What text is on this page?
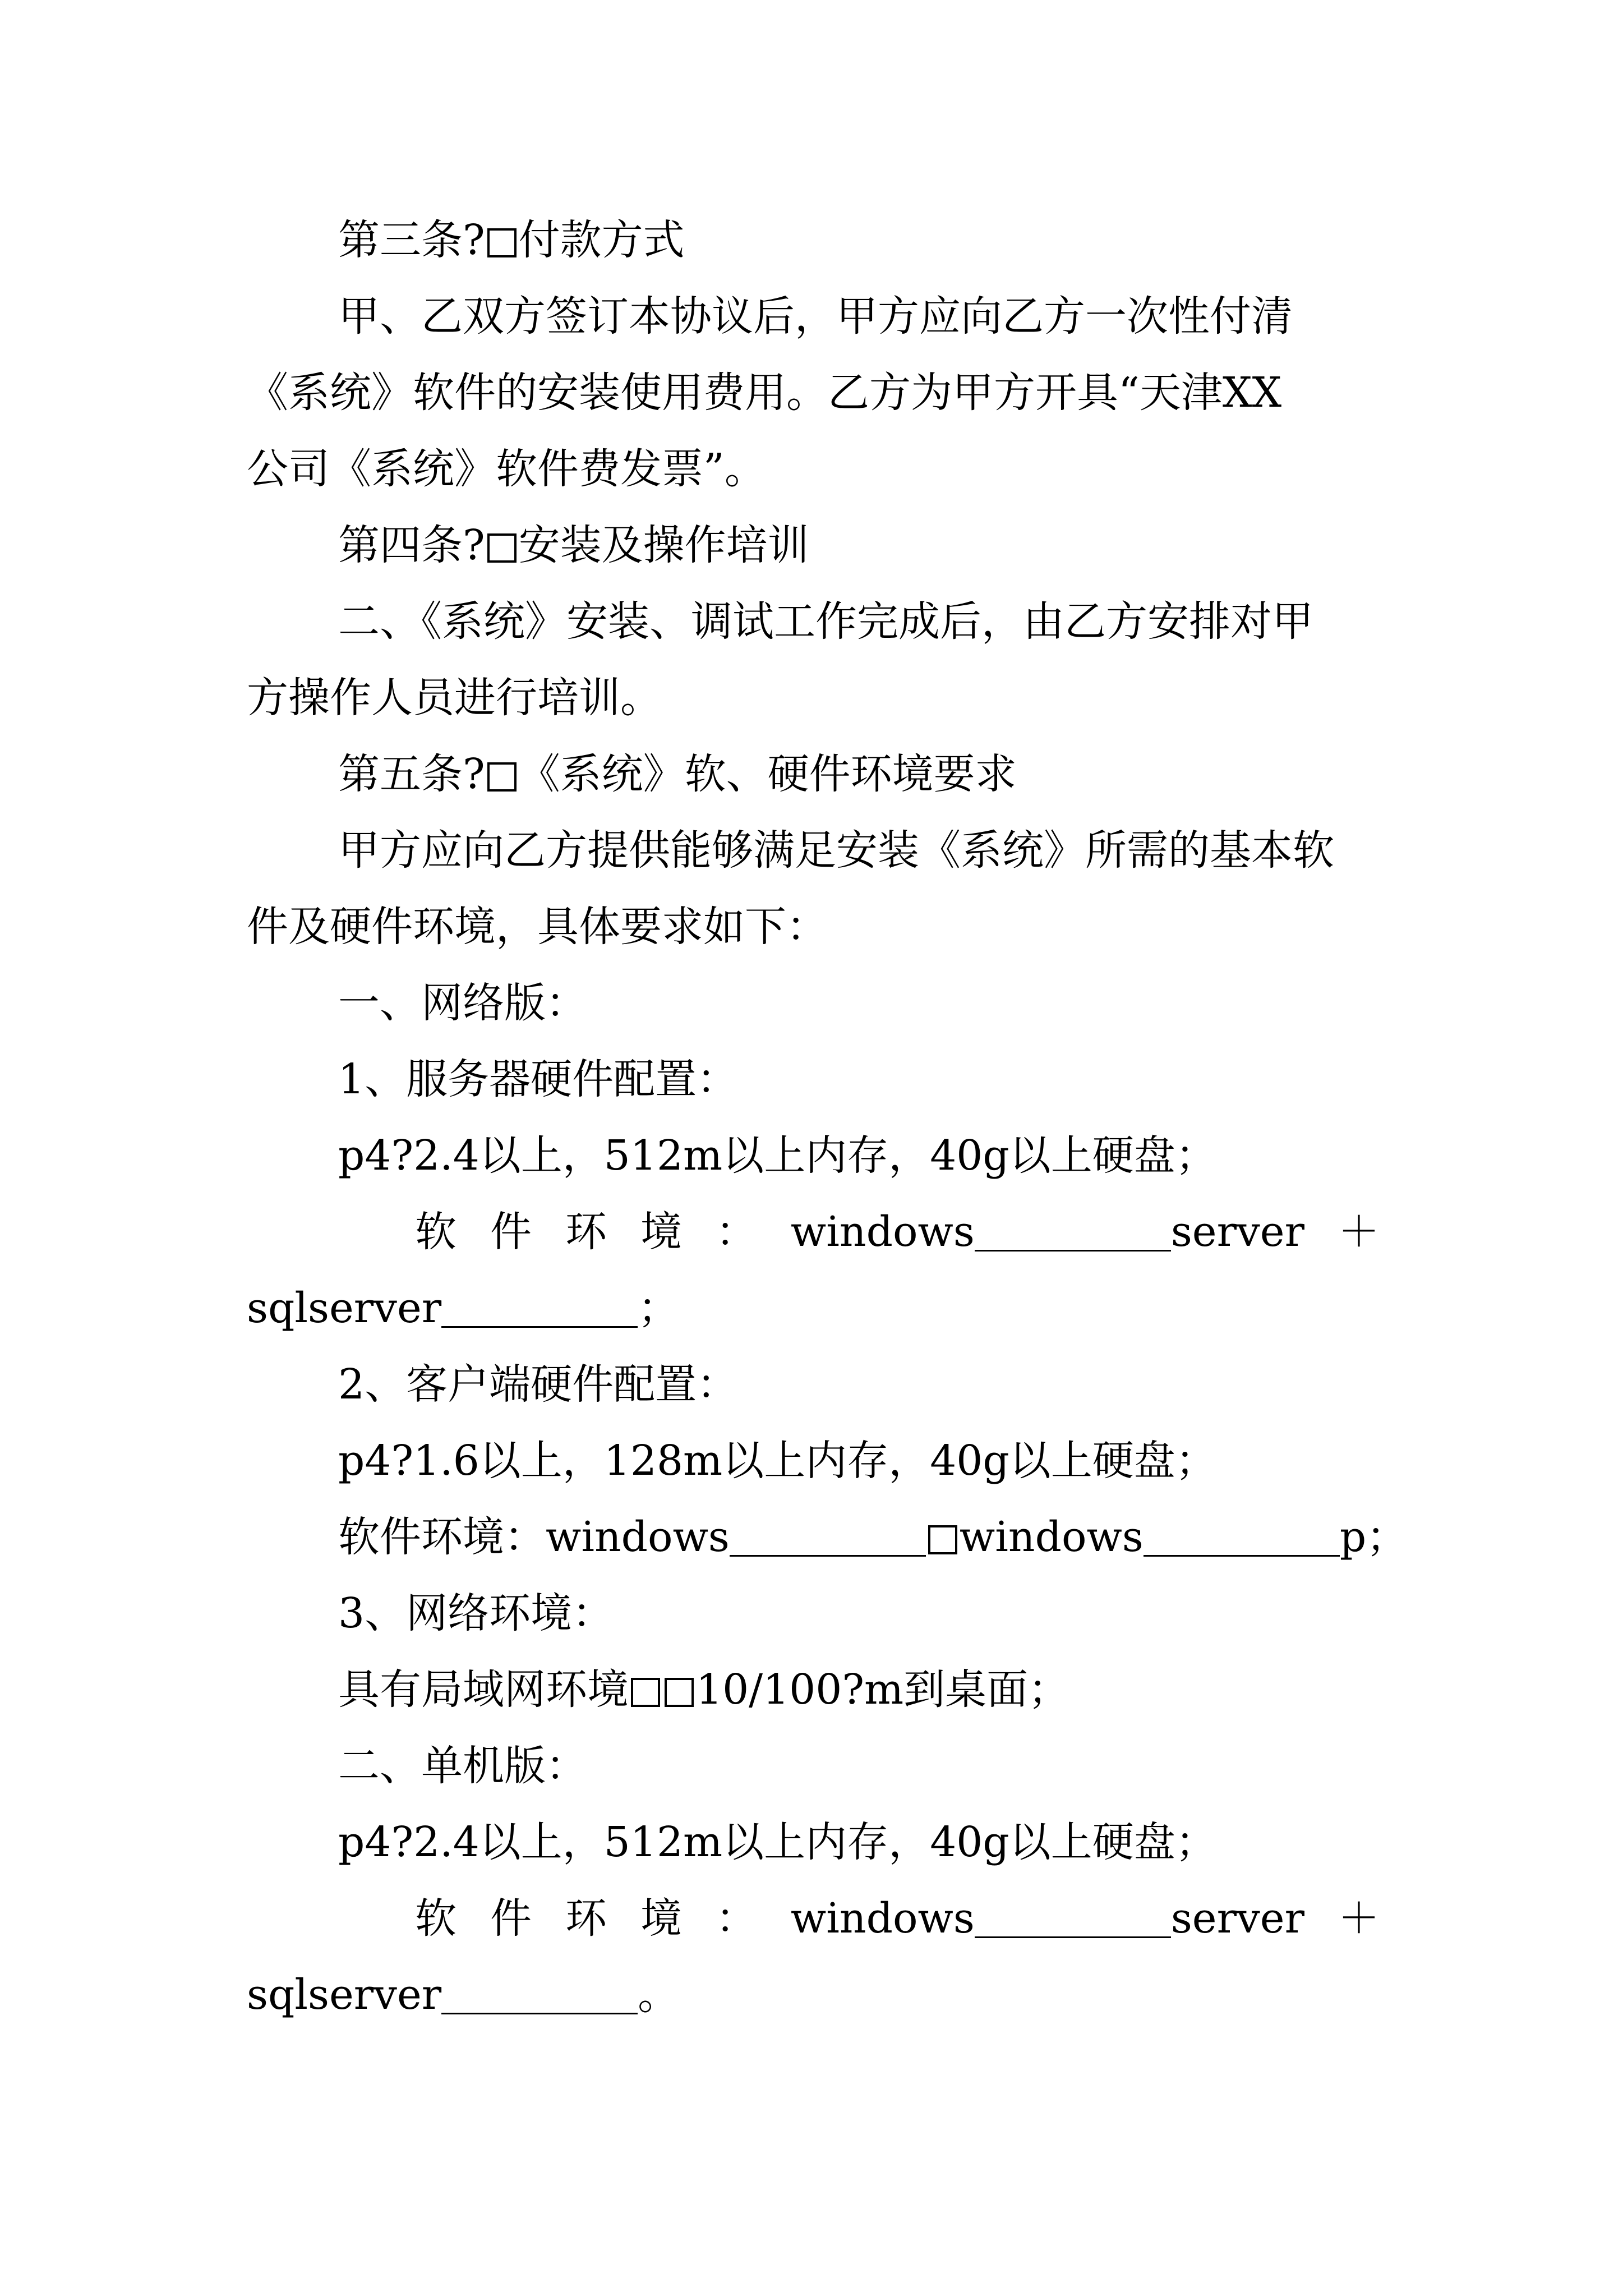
第三条? 付款方式
甲、乙双方签订本协议后，甲方应向乙方一次性付清
《系统》软件的安装使用费用。乙方为甲方开具“天津XX
公司《系统》软件费发票”。
第四条? 安装及操作培训
二、《系统》安装、调试工作完成后，由乙方安排对甲
方操作人员进行培训。
第五条? 《系统》软、硬件环境要求
甲方应向乙方提供能够满足安装《系统》所需的基本软
件及硬件环境，具体要求如下：
一、网络版：
1、服务器硬件配置：
p4?2.4以上，512m以上内存，40g以上硬盘；
软 件 环 境 ： windows	server ＋
sqlserver	；
2、客户端硬件配置：
p4?1.6以上，128m以上内存，40g以上硬盘；
软件环境：windows	windows	p；
3、网络环境：
具有局域网环境 10/100?m到桌面；
二、单机版：
p4?2.4以上，512m以上内存，40g以上硬盘；
软 件 环 境 ： windows	server ＋
sqlserver	。
